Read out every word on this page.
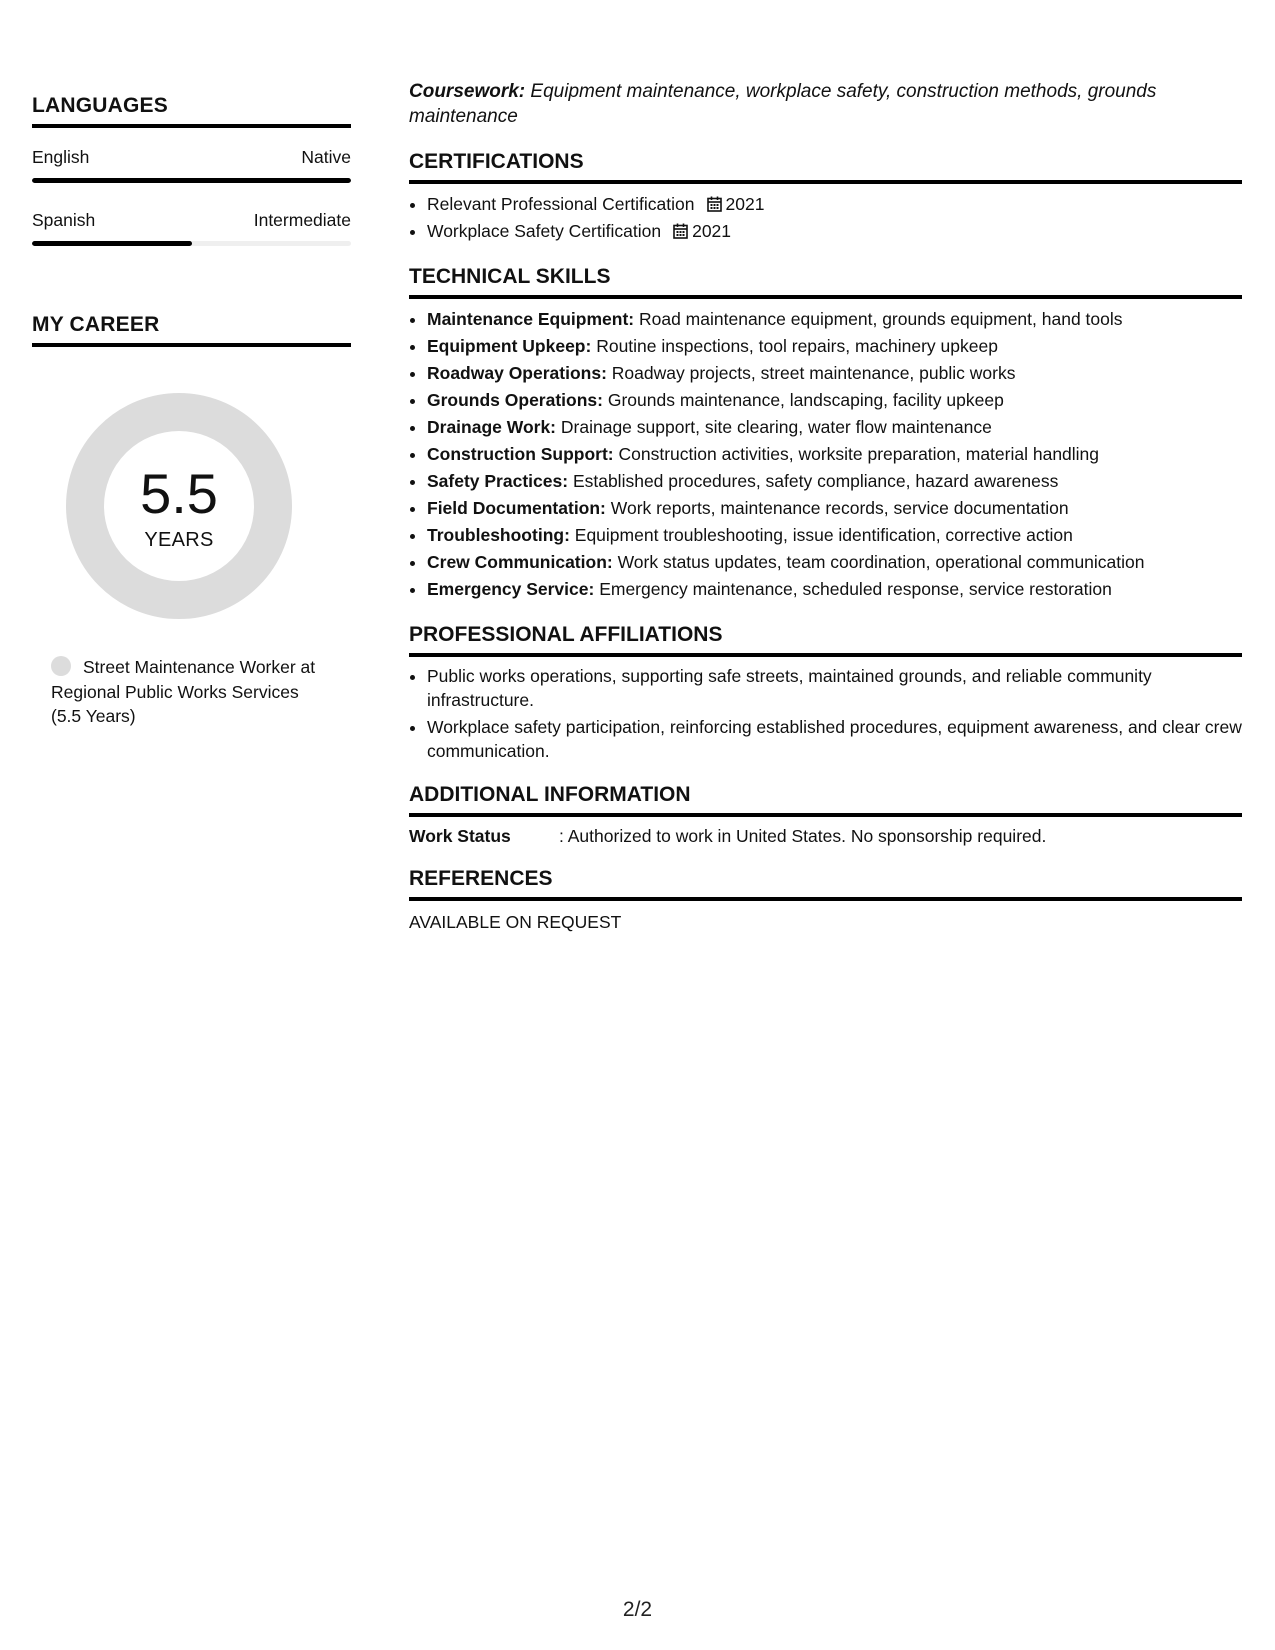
LANGUAGES
English	Native
Spanish	Intermediate
MY CAREER
5.5
YEARS
Street Maintenance Worker at Regional Public Works Services (5.5 Years)

Coursework: Equipment maintenance, workplace safety, construction methods, grounds maintenance

CERTIFICATIONS
• Relevant Professional Certification 2021
• Workplace Safety Certification 2021
TECHNICAL SKILLS
• Maintenance Equipment: Road maintenance equipment, grounds equipment, hand tools
• Equipment Upkeep: Routine inspections, tool repairs, machinery upkeep
• Roadway Operations: Roadway projects, street maintenance, public works
• Grounds Operations: Grounds maintenance, landscaping, facility upkeep
• Drainage Work: Drainage support, site clearing, water flow maintenance
• Construction Support: Construction activities, worksite preparation, material handling
• Safety Practices: Established procedures, safety compliance, hazard awareness
• Field Documentation: Work reports, maintenance records, service documentation
• Troubleshooting: Equipment troubleshooting, issue identification, corrective action
• Crew Communication: Work status updates, team coordination, operational communication
• Emergency Service: Emergency maintenance, scheduled response, service restoration
PROFESSIONAL AFFILIATIONS
• Public works operations, supporting safe streets, maintained grounds, and reliable community infrastructure.
• Workplace safety participation, reinforcing established procedures, equipment awareness, and clear crew communication.
ADDITIONAL INFORMATION
Work Status	: Authorized to work in United States. No sponsorship required.
REFERENCES
AVAILABLE ON REQUEST
2/2
